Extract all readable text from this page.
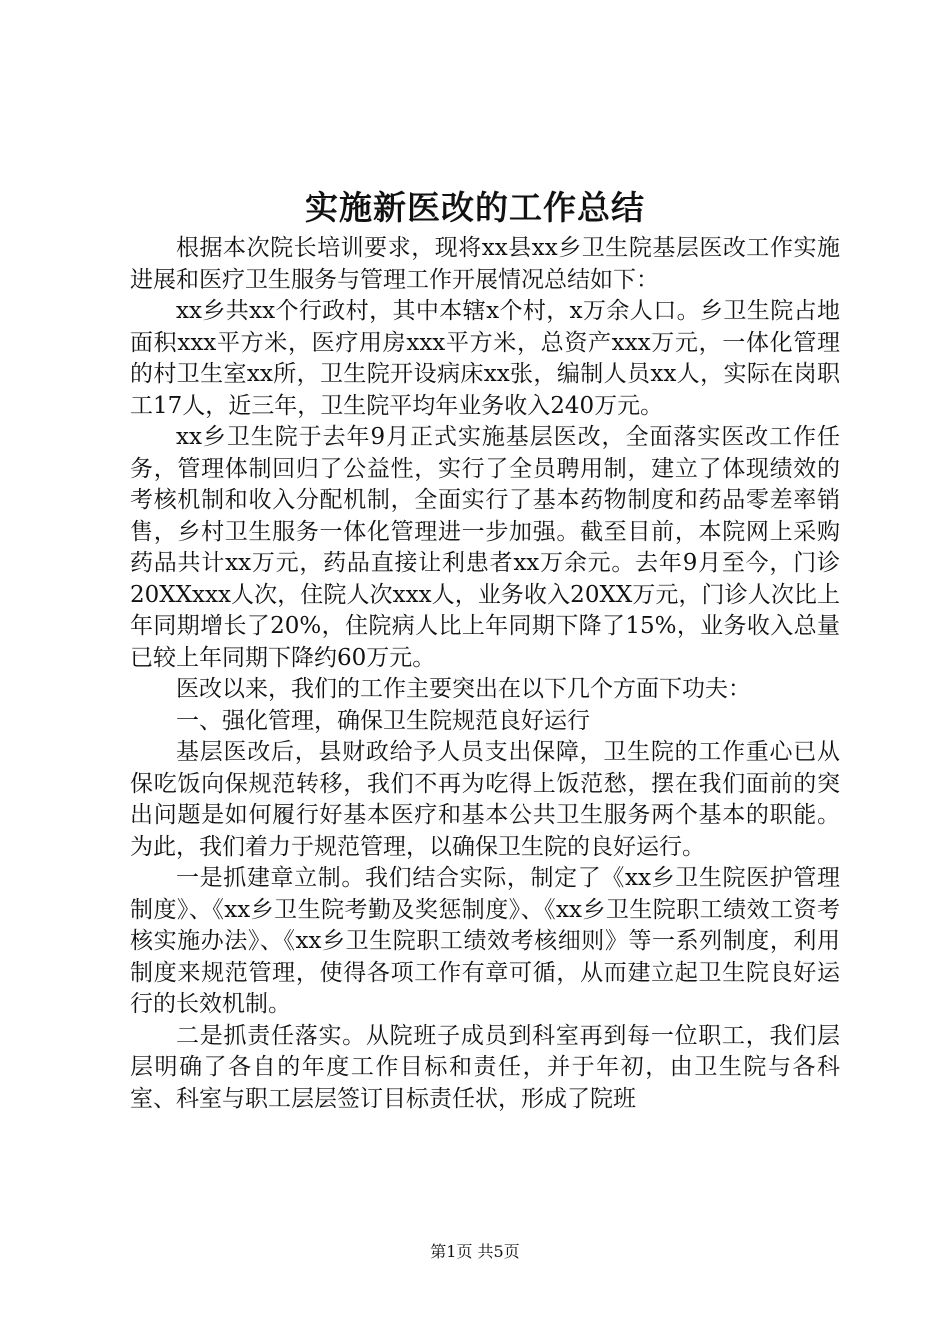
实施新医改的工作总结

根据本次院长培训要求，现将xx县xx乡卫生院基层医改工作实施进展和医疗卫生服务与管理工作开展情况总结如下：

xx乡共xx个行政村，其中本辖x个村，x万余人口。乡卫生院占地面积xxx平方米，医疗用房xxx平方米，总资产xxx万元，一体化管理的村卫生室xx所，卫生院开设病床xx张，编制人员xx人，实际在岗职工17人，近三年，卫生院平均年业务收入240万元。

xx乡卫生院于去年9月正式实施基层医改，全面落实医改工作任务，管理体制回归了公益性，实行了全员聘用制，建立了体现绩效的考核机制和收入分配机制，全面实行了基本药物制度和药品零差率销售，乡村卫生服务一体化管理进一步加强。截至目前，本院网上采购药品共计xx万元，药品直接让利患者xx万余元。去年9月至今，门诊20XXxxx人次，住院人次xxx人，业务收入20XX万元，门诊人次比上年同期增长了20%，住院病人比上年同期下降了15%，业务收入总量已较上年同期下降约60万元。

医改以来，我们的工作主要突出在以下几个方面下功夫：

一、强化管理，确保卫生院规范良好运行

基层医改后，县财政给予人员支出保障，卫生院的工作重心已从保吃饭向保规范转移，我们不再为吃得上饭范愁，摆在我们面前的突出问题是如何履行好基本医疗和基本公共卫生服务两个基本的职能。为此，我们着力于规范管理，以确保卫生院的良好运行。

一是抓建章立制。我们结合实际，制定了《xx乡卫生院医护管理制度》、《xx乡卫生院考勤及奖惩制度》、《xx乡卫生院职工绩效工资考核实施办法》、《xx乡卫生院职工绩效考核细则》等一系列制度，利用制度来规范管理，使得各项工作有章可循，从而建立起卫生院良好运行的长效机制。

二是抓责任落实。从院班子成员到科室再到每一位职工，我们层层明确了各自的年度工作目标和责任，并于年初，由卫生院与各科室、科室与职工层层签订目标责任状，形成了院班

第1页 共5页
